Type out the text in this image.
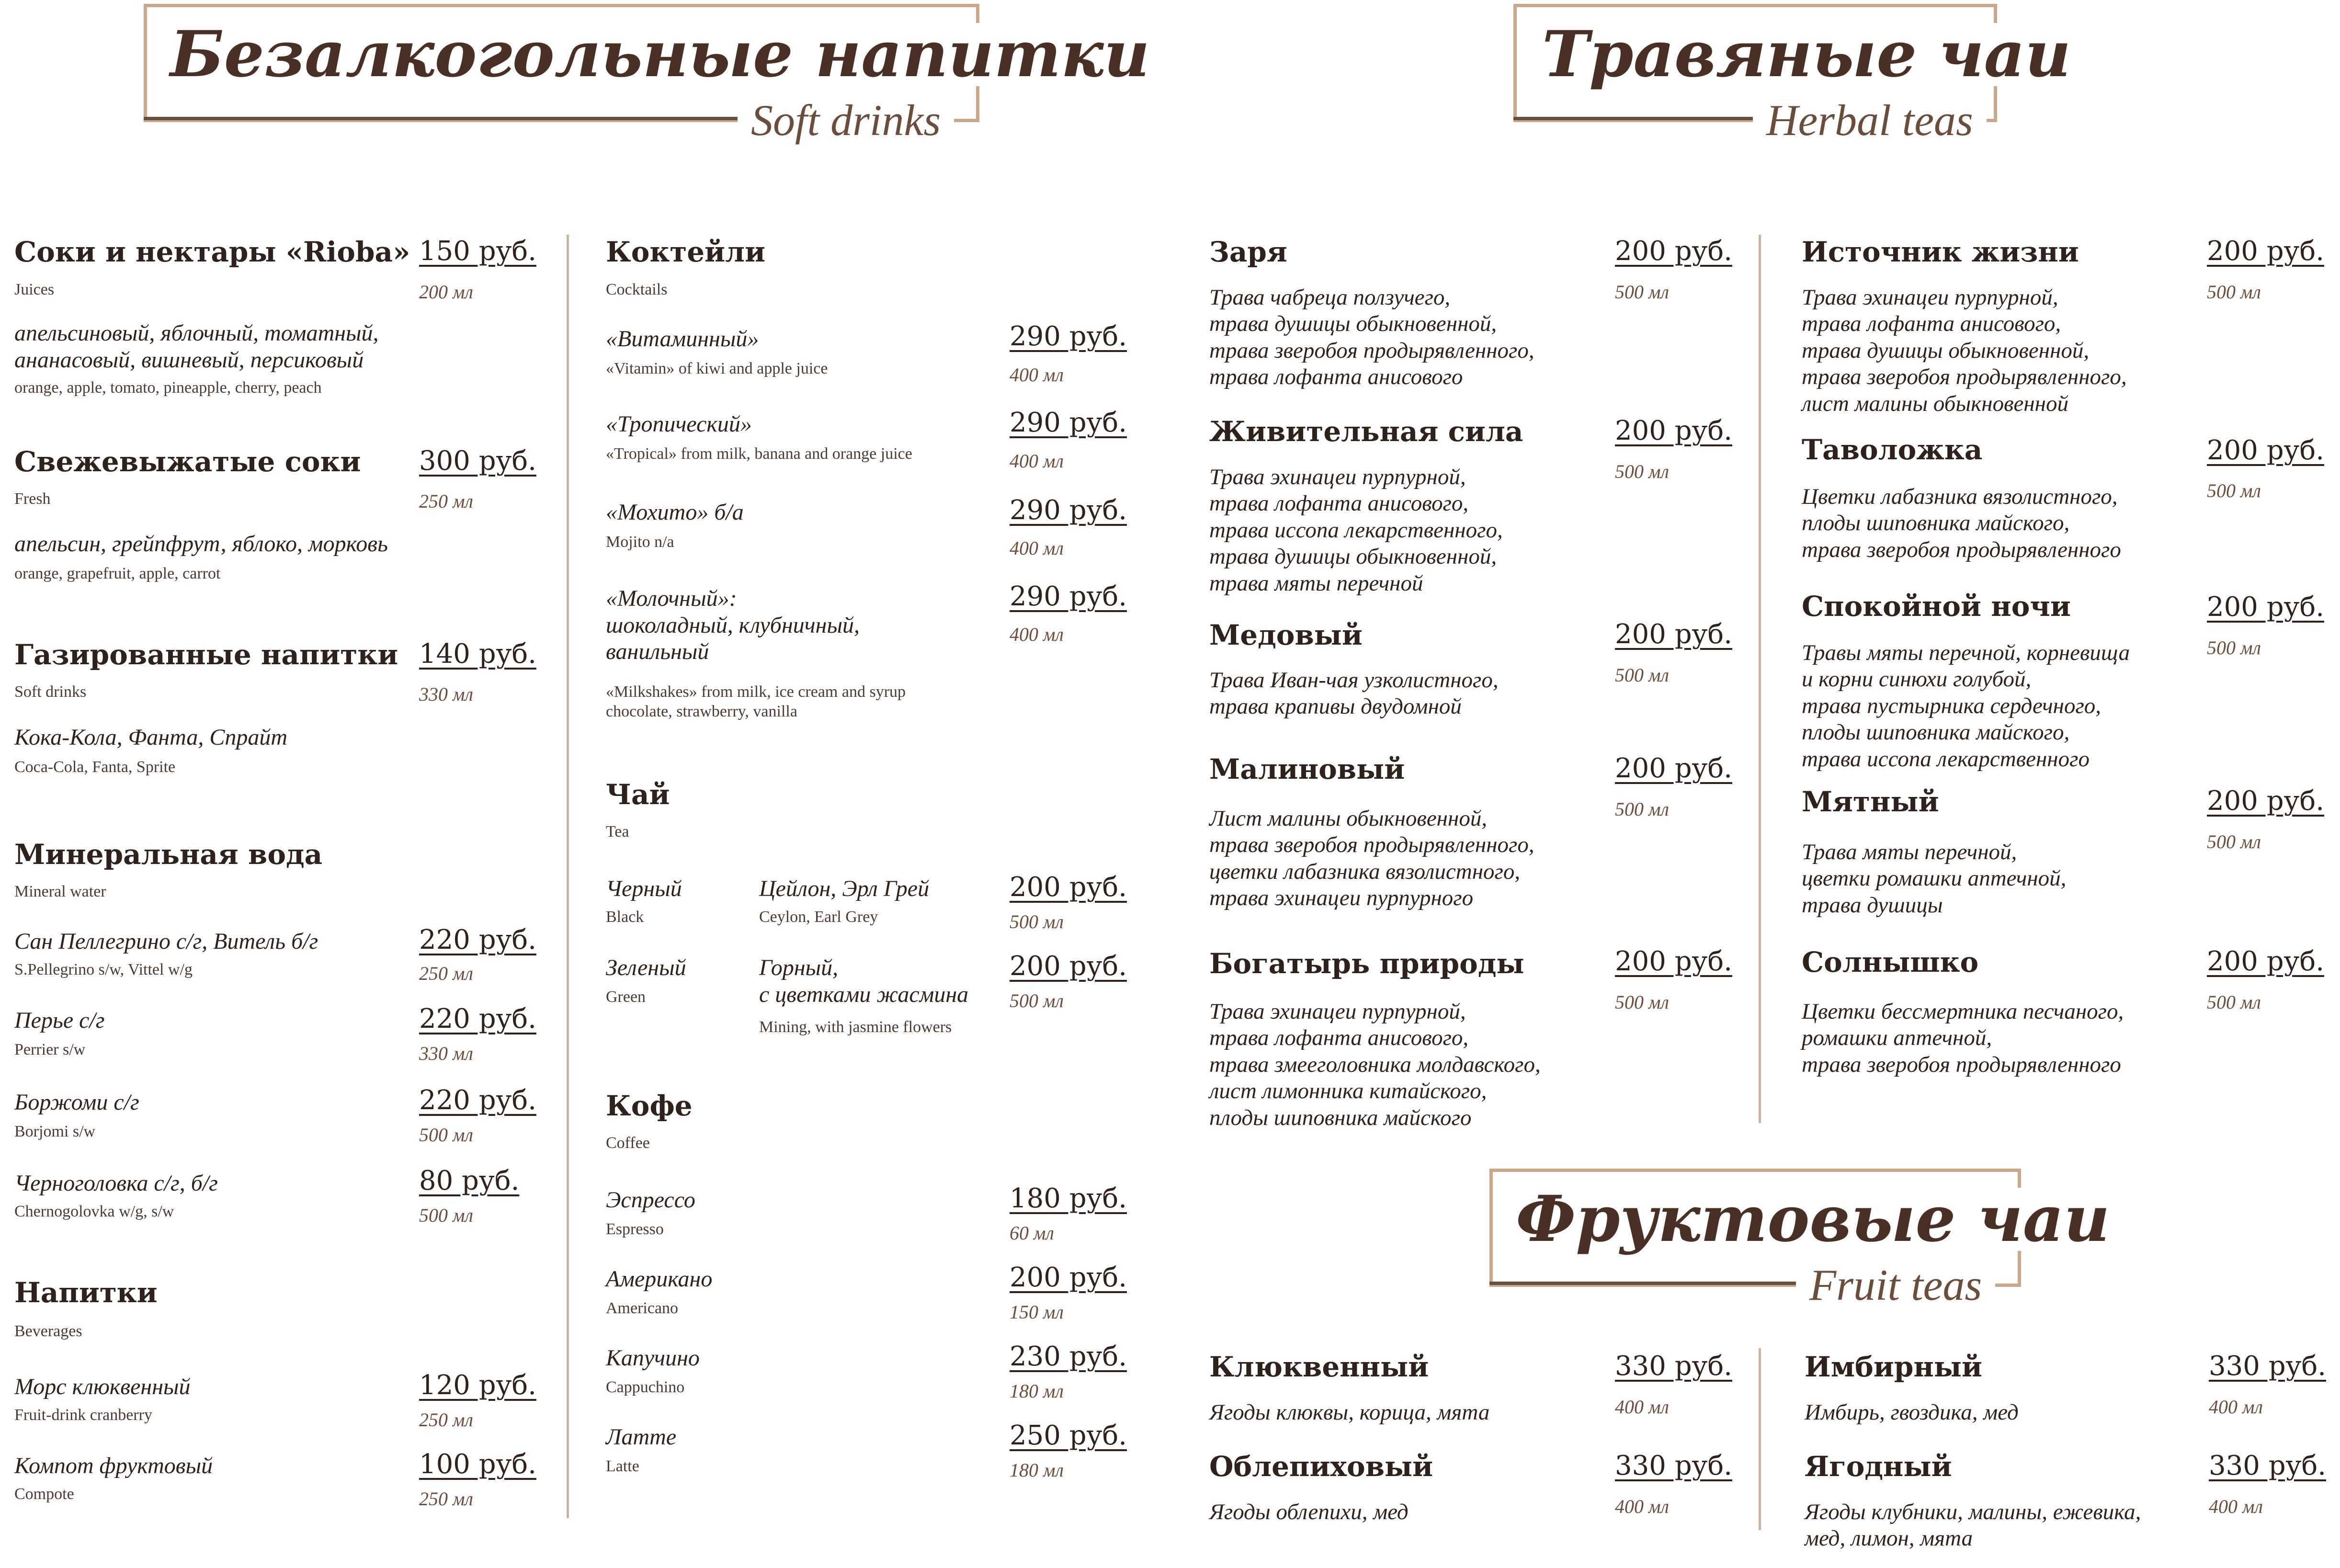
Безалкогольные напитки
Soft drinks
Травяные чаи
Herbal teas
Фруктовые чаи
Fruit teas
Соки и нектары «Rioba» 150 руб.
Juices	200 мл
апельсиновый, яблочный, томатный,
ананасовый, вишневый, персиковый
orange, apple, tomato, pineapple, cherry, peach
Свежевыжатые соки 300 руб.
Fresh	250 мл
апельсин, грейпфрут, яблоко, морковь
orange, grapefruit, apple, carrot
Газированные напитки 140 руб.
Soft drinks	330 мл
Кока-Кола, Фанта, Спрайт
Coca-Cola, Fanta, Sprite
Минеральная вода
Mineral water
Сан Пеллегрино с/г, Витель б/г
S.Pellegrino s/w, Vittel w/g
220 руб.
250 мл
Перье с/г
Perrier s/w
220 руб.
330 мл
Боржоми с/г
Borjomi s/w
220 руб.
500 мл
Черноголовка с/г, б/г
Chernogolovka w/g, s/w
80 руб.
500 мл
Напитки
Beverages
Морс клюквенный
Fruit-drink cranberry
120 руб.
250 мл
Компот фруктовый
Compote
100 руб.
250 мл
Коктейли
Cocktails
«Витаминный»
«Vitamin» of kiwi and apple juice
290 руб.
400 мл
«Тропический»
«Tropical» from milk, banana and orange juice
290 руб.
400 мл
«Мохито» б/а
Mojito n/a
290 руб.
400 мл
«Молочный»:
шоколадный, клубничный,
ванильный
«Milkshakes» from milk, ice cream and syrup
chocolate, strawberry, vanilla
290 руб.
400 мл
Чай
Tea
Черный
Black
Цейлон, Эрл Грей
Ceylon, Earl Grey
200 руб.
500 мл
Зеленый
Green
Горный,
с цветками жасмина
Mining, with jasmine flowers
200 руб.
500 мл
Кофе
Coffee
Эспрессо
Espresso
180 руб.
60 мл
Американо
Americano
200 руб.
150 мл
Капучино
Cappuchino
230 руб.
180 мл
Латте
Latte
250 руб.
180 мл
Заря	200 руб.
500 мл
Трава чабреца ползучего,
трава душицы обыкновенной,
трава зверобоя продырявленного,
трава лофанта анисового
Живительная сила	200 руб.
500 мл
Трава эхинацеи пурпурной,
трава лофанта анисового,
трава иссопа лекарственного,
трава душицы обыкновенной,
трава мяты перечной
Медовый	200 руб.
500 мл
Трава Иван-чая узколистного,
трава крапивы двудомной
Малиновый	200 руб.
500 мл
Лист малины обыкновенной,
трава зверобоя продырявленного,
цветки лабазника вязолистного,
трава эхинацеи пурпурного
Богатырь природы	200 руб.
500 мл
Трава эхинацеи пурпурной,
трава лофанта анисового,
трава змееголовника молдавского,
лист лимонника китайского,
плоды шиповника майского
Источник жизни	200 руб.
500 мл
Трава эхинацеи пурпурной,
трава лофанта анисового,
трава душицы обыкновенной,
трава зверобоя продырявленного,
лист малины обыкновенной
Таволожка	200 руб.
500 мл
Цветки лабазника вязолистного,
плоды шиповника майского,
трава зверобоя продырявленного
Спокойной ночи	200 руб.
500 мл
Травы мяты перечной, корневища
и корни синюхи голубой,
трава пустырника сердечного,
плоды шиповника майского,
трава иссопа лекарственного
Мятный	200 руб.
500 мл
Трава мяты перечной,
цветки ромашки аптечной,
трава душицы
Солнышко	200 руб.
500 мл
Цветки бессмертника песчаного,
ромашки аптечной,
трава зверобоя продырявленного
Клюквенный	330 руб.
400 мл
Ягоды клюквы, корица, мята
Облепиховый	330 руб.
400 мл
Ягоды облепихи, мед
Имбирный	330 руб.
400 мл
Имбирь, гвоздика, мед
Ягодный	330 руб.
400 мл
Ягоды клубники, малины, ежевика,
мед, лимон, мята
